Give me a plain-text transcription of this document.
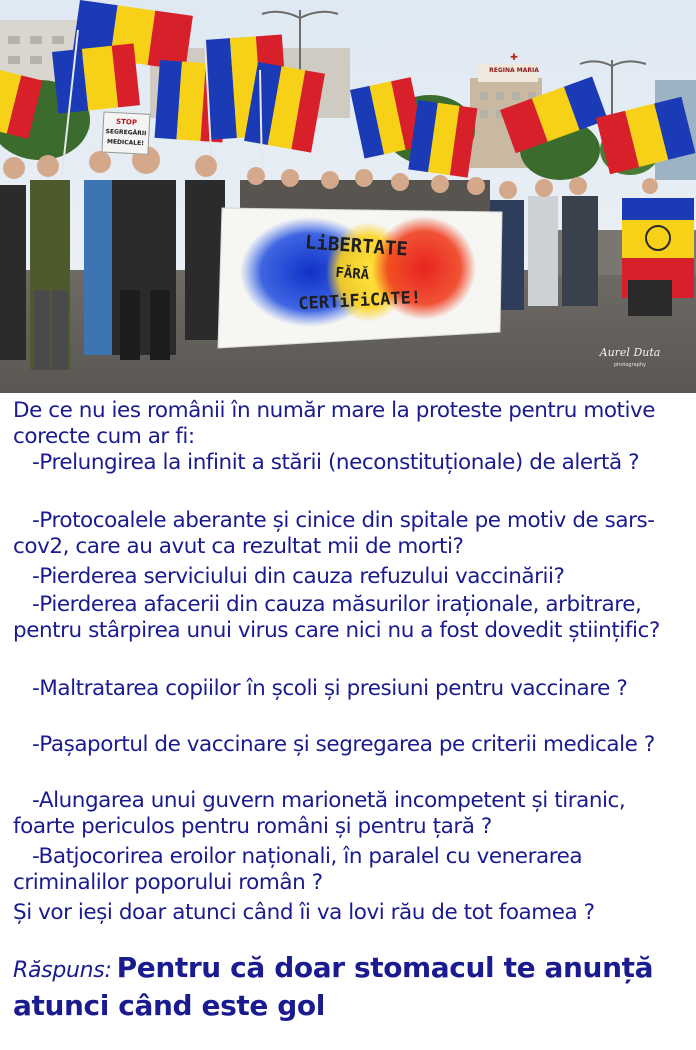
REGINA MARIA
✚
STOP
SEGREGĂRII
MEDICALE!
LiBERTATE
FĂRĂ
CERTiFiCATE!
Aurel Duta
photography
De ce nu ies românii în număr mare la proteste pentru motive corecte cum ar fi:
-Prelungirea la infinit a stării (neconstituționale) de alertă ?
-Protocoalele aberante și cinice din spitale pe motiv de sars-cov2, care au avut ca rezultat mii de morti?
-Pierderea serviciului din cauza refuzului vaccinării?
-Pierderea afacerii din cauza măsurilor iraționale, arbitrare, pentru stârpirea unui virus care nici nu a fost dovedit științific?
-Maltratarea copiilor în școli și presiuni pentru vaccinare ?
-Pașaportul de vaccinare și segregarea pe criterii medicale ?
-Alungarea unui guvern marionetă incompetent și tiranic, foarte periculos pentru români și pentru țară ?
-Batjocorirea eroilor naționali, în paralel cu venerarea criminalilor poporului român ?
Și vor ieși doar atunci când îi va lovi rău de tot foamea ?
Răspuns: Pentru că doar stomacul te anunță atunci când este gol
